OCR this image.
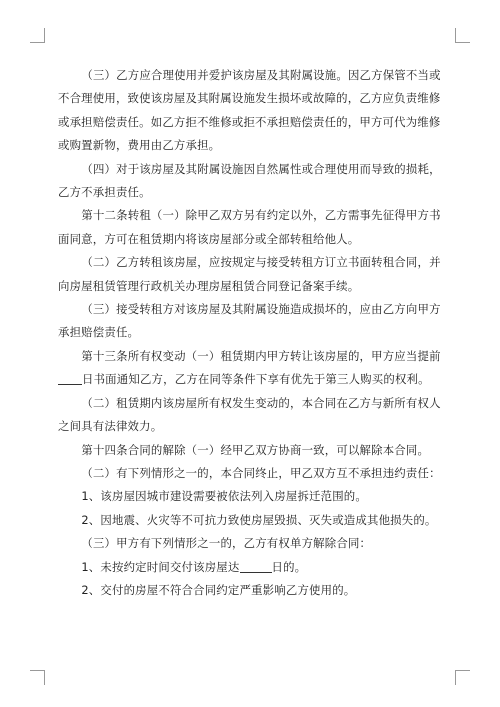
（三）乙方应合理使用并爱护该房屋及其附属设施。因乙方保管不当或不合理使用，致使该房屋及其附属设施发生损坏或故障的，乙方应负责维修或承担赔偿责任。如乙方拒不维修或拒不承担赔偿责任的，甲方可代为维修或购置新物，费用由乙方承担。

（四）对于该房屋及其附属设施因自然属性或合理使用而导致的损耗，乙方不承担责任。

第十二条转租（一）除甲乙双方另有约定以外，乙方需事先征得甲方书面同意，方可在租赁期内将该房屋部分或全部转租给他人。

（二）乙方转租该房屋，应按规定与接受转租方订立书面转租合同，并向房屋租赁管理行政机关办理房屋租赁合同登记备案手续。

（三）接受转租方对该房屋及其附属设施造成损坏的，应由乙方向甲方承担赔偿责任。

第十三条所有权变动（一）租赁期内甲方转让该房屋的，甲方应当提前日书面通知乙方，乙方在同等条件下享有优先于第三人购买的权利。

（二）租赁期内该房屋所有权发生变动的，本合同在乙方与新所有权人之间具有法律效力。

第十四条合同的解除（一）经甲乙双方协商一致，可以解除本合同。

（二）有下列情形之一的，本合同终止，甲乙双方互不承担违约责任：

1、该房屋因城市建设需要被依法列入房屋拆迁范围的。

2、因地震、火灾等不可抗力致使房屋毁损、灭失或造成其他损失的。

（三）甲方有下列情形之一的，乙方有权单方解除合同：

1、未按约定时间交付该房屋达	日的。

2、交付的房屋不符合合同约定严重影响乙方使用的。
